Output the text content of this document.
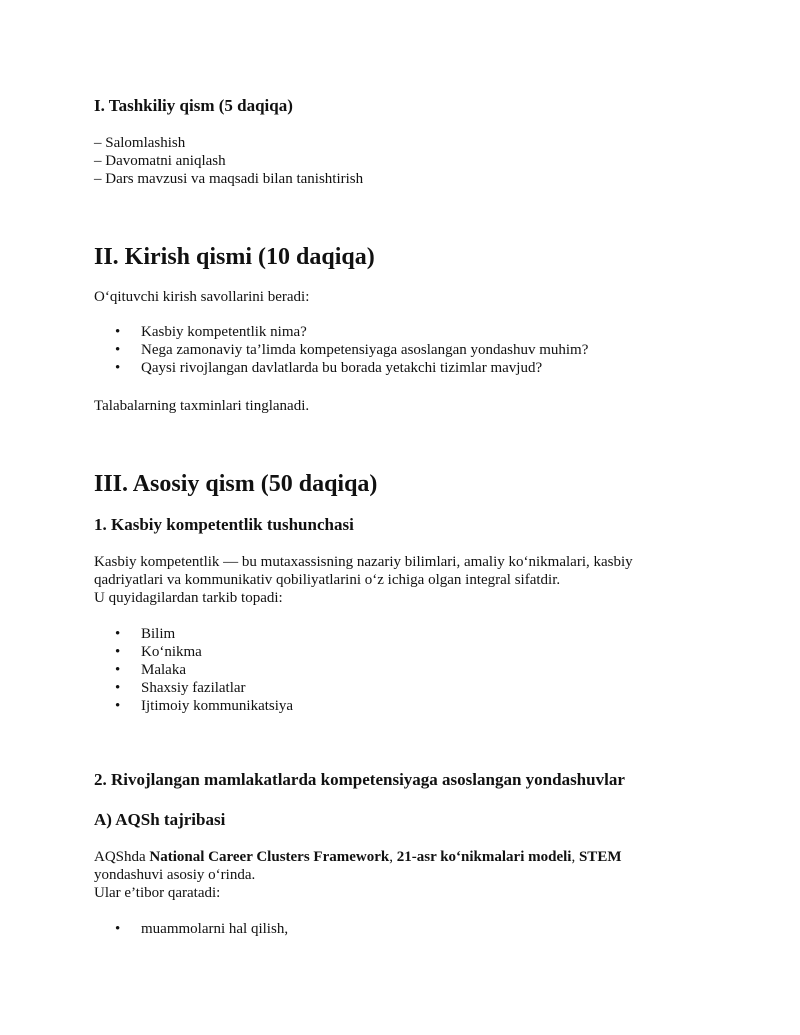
I. Tashkiliy qism (5 daqiqa)

– Salomlashish

– Davomatni aniqlash

– Dars mavzusi va maqsadi bilan tanishtirish

II. Kirish qismi (10 daqiqa)

O‘qituvchi kirish savollarini beradi:

• Kasbiy kompetentlik nima?
• Nega zamonaviy ta’limda kompetensiyaga asoslangan yondashuv muhim?
• Qaysi rivojlangan davlatlarda bu borada yetakchi tizimlar mavjud?

Talabalarning taxminlari tinglanadi.

III. Asosiy qism (50 daqiqa)

1. Kasbiy kompetentlik tushunchasi

Kasbiy kompetentlik — bu mutaxassisning nazariy bilimlari, amaliy ko‘nikmalari, kasbiy

qadriyatlari va kommunikativ qobiliyatlarini o‘z ichiga olgan integral sifatdir.

U quyidagilardan tarkib topadi:

• Bilim
• Ko‘nikma
• Malaka
• Shaxsiy fazilatlar
• Ijtimoiy kommunikatsiya

2. Rivojlangan mamlakatlarda kompetensiyaga asoslangan yondashuvlar

A) AQSh tajribasi

AQShda National Career Clusters Framework, 21-asr ko‘nikmalari modeli, STEM

yondashuvi asosiy o‘rinda.

Ular e’tibor qaratadi:

• muammolarni hal qilish,
